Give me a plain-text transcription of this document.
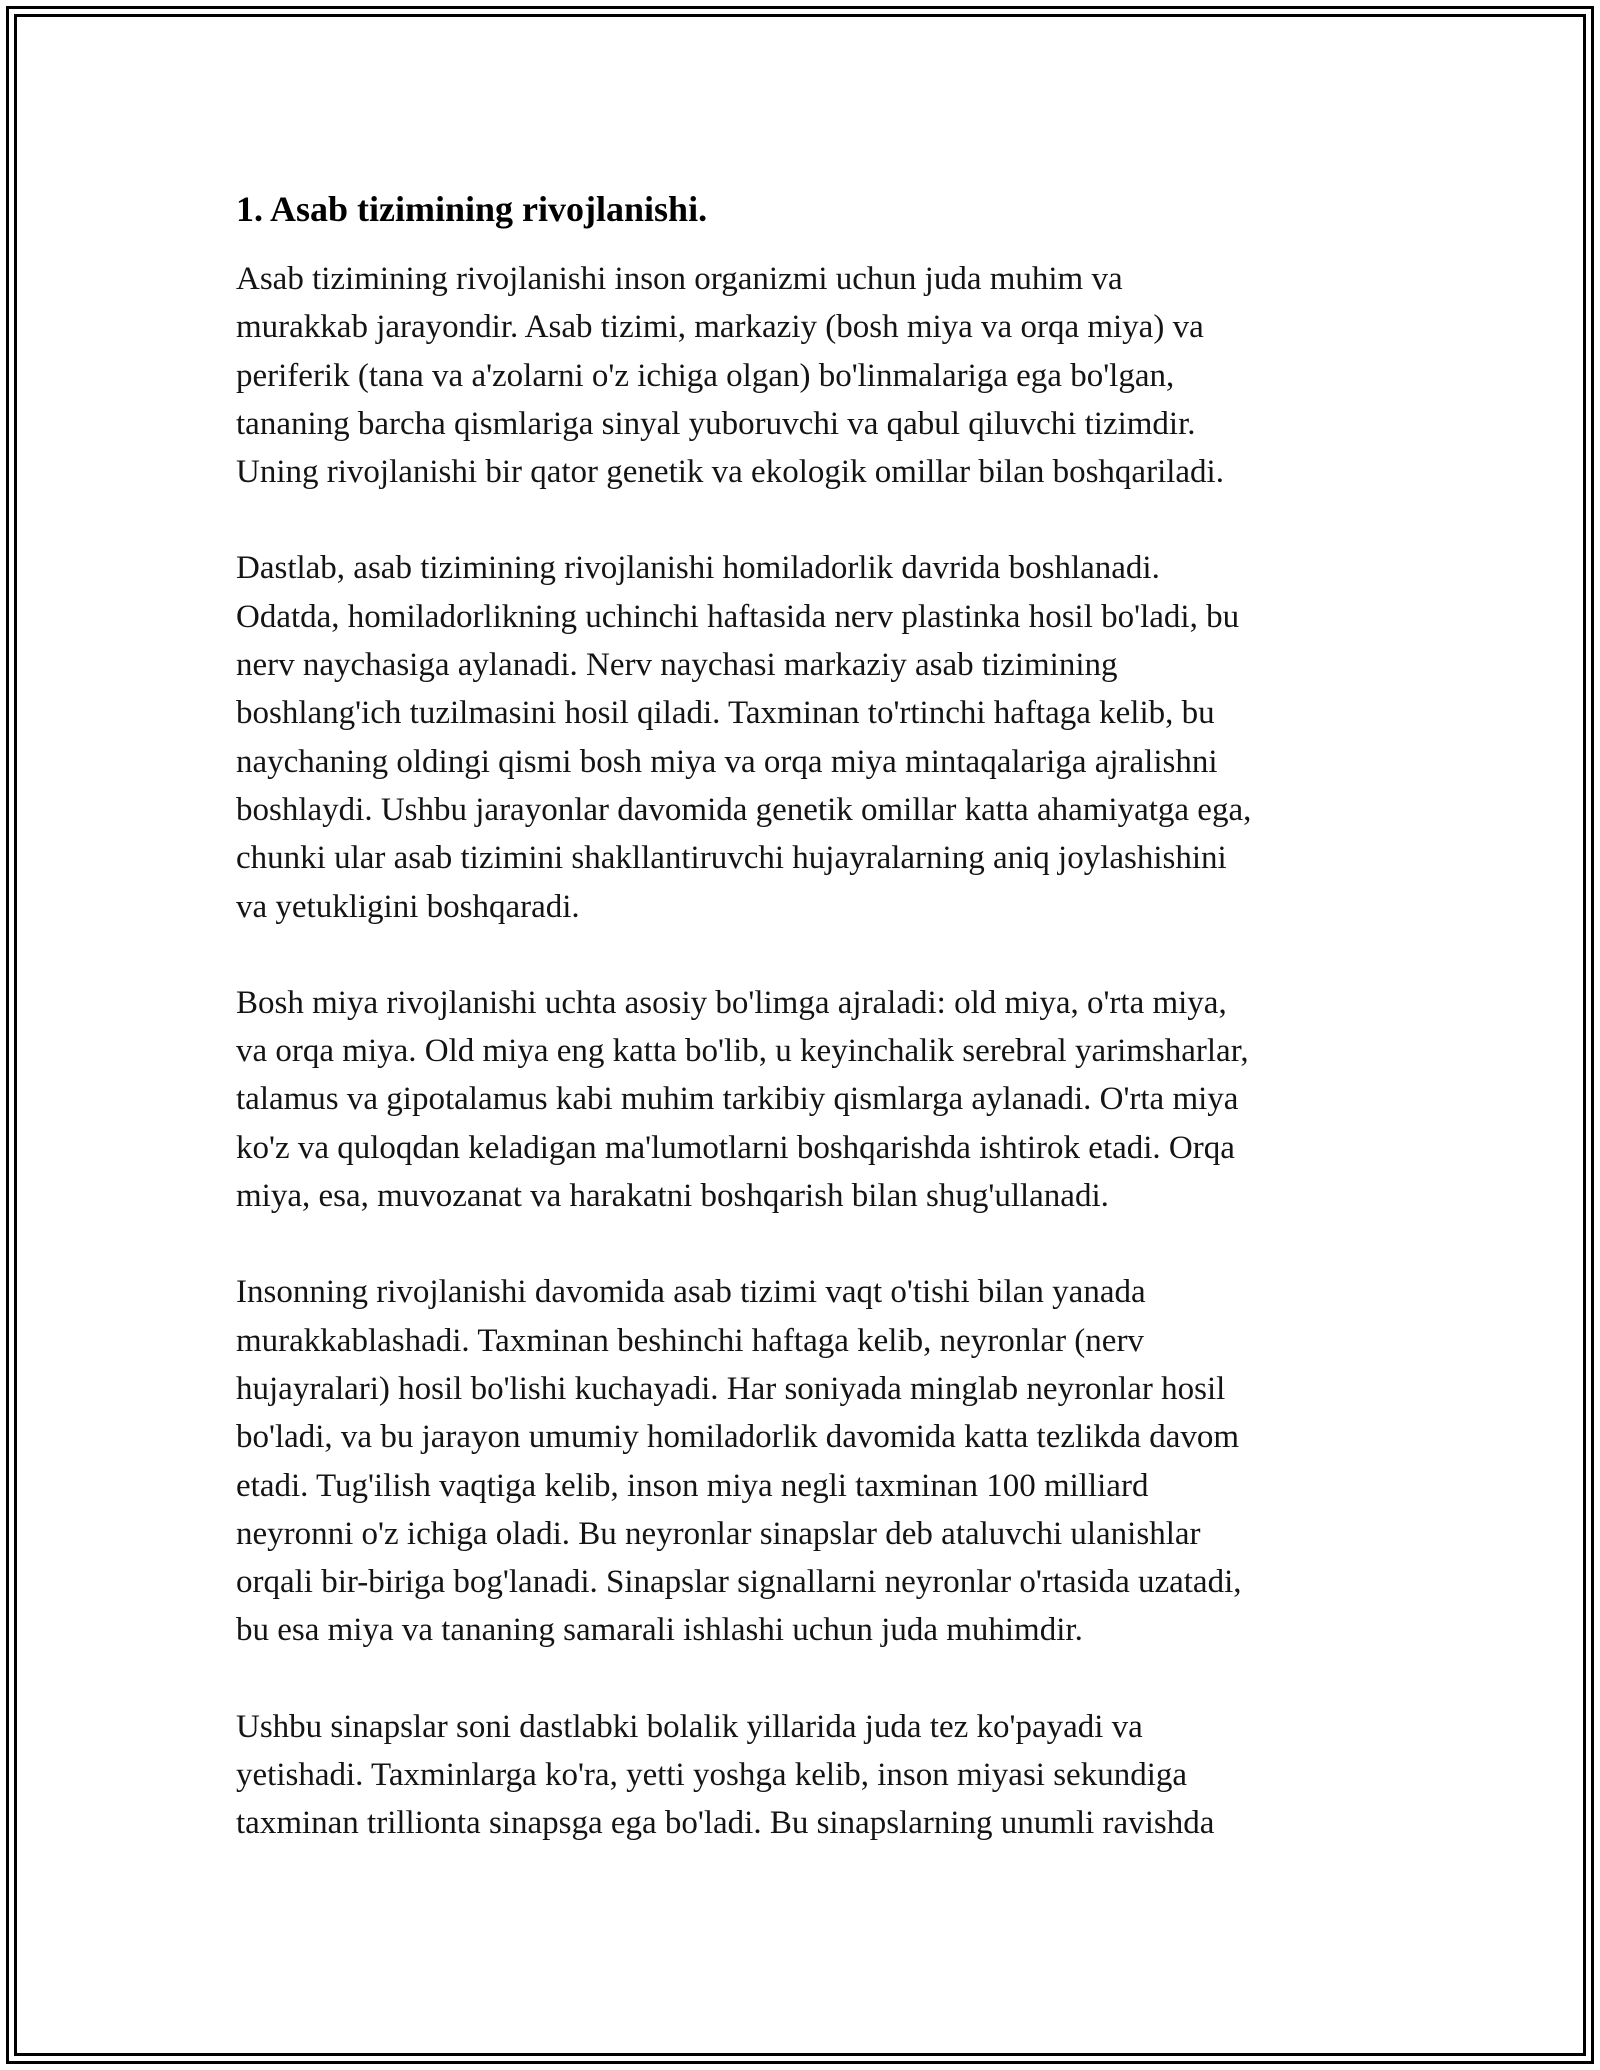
1. Asab tizimining rivojlanishi.

Asab tizimining rivojlanishi inson organizmi uchun juda muhim va
murakkab jarayondir. Asab tizimi, markaziy (bosh miya va orqa miya) va
periferik (tana va a'zolarni o'z ichiga olgan) bo'linmalariga ega bo'lgan,
tananing barcha qismlariga sinyal yuboruvchi va qabul qiluvchi tizimdir.
Uning rivojlanishi bir qator genetik va ekologik omillar bilan boshqariladi.

Dastlab, asab tizimining rivojlanishi homiladorlik davrida boshlanadi.
Odatda, homiladorlikning uchinchi haftasida nerv plastinka hosil bo'ladi, bu
nerv naychasiga aylanadi. Nerv naychasi markaziy asab tizimining
boshlang'ich tuzilmasini hosil qiladi. Taxminan to'rtinchi haftaga kelib, bu
naychaning oldingi qismi bosh miya va orqa miya mintaqalariga ajralishni
boshlaydi. Ushbu jarayonlar davomida genetik omillar katta ahamiyatga ega,
chunki ular asab tizimini shakllantiruvchi hujayralarning aniq joylashishini
va yetukligini boshqaradi.

Bosh miya rivojlanishi uchta asosiy bo'limga ajraladi: old miya, o'rta miya,
va orqa miya. Old miya eng katta bo'lib, u keyinchalik serebral yarimsharlar,
talamus va gipotalamus kabi muhim tarkibiy qismlarga aylanadi. O'rta miya
ko'z va quloqdan keladigan ma'lumotlarni boshqarishda ishtirok etadi. Orqa
miya, esa, muvozanat va harakatni boshqarish bilan shug'ullanadi.

Insonning rivojlanishi davomida asab tizimi vaqt o'tishi bilan yanada
murakkablashadi. Taxminan beshinchi haftaga kelib, neyronlar (nerv
hujayralari) hosil bo'lishi kuchayadi. Har soniyada minglab neyronlar hosil
bo'ladi, va bu jarayon umumiy homiladorlik davomida katta tezlikda davom
etadi. Tug'ilish vaqtiga kelib, inson miya negli taxminan 100 milliard
neyronni o'z ichiga oladi. Bu neyronlar sinapslar deb ataluvchi ulanishlar
orqali bir-biriga bog'lanadi. Sinapslar signallarni neyronlar o'rtasida uzatadi,
bu esa miya va tananing samarali ishlashi uchun juda muhimdir.

Ushbu sinapslar soni dastlabki bolalik yillarida juda tez ko'payadi va
yetishadi. Taxminlarga ko'ra, yetti yoshga kelib, inson miyasi sekundiga
taxminan trillionta sinapsga ega bo'ladi. Bu sinapslarning unumli ravishda
